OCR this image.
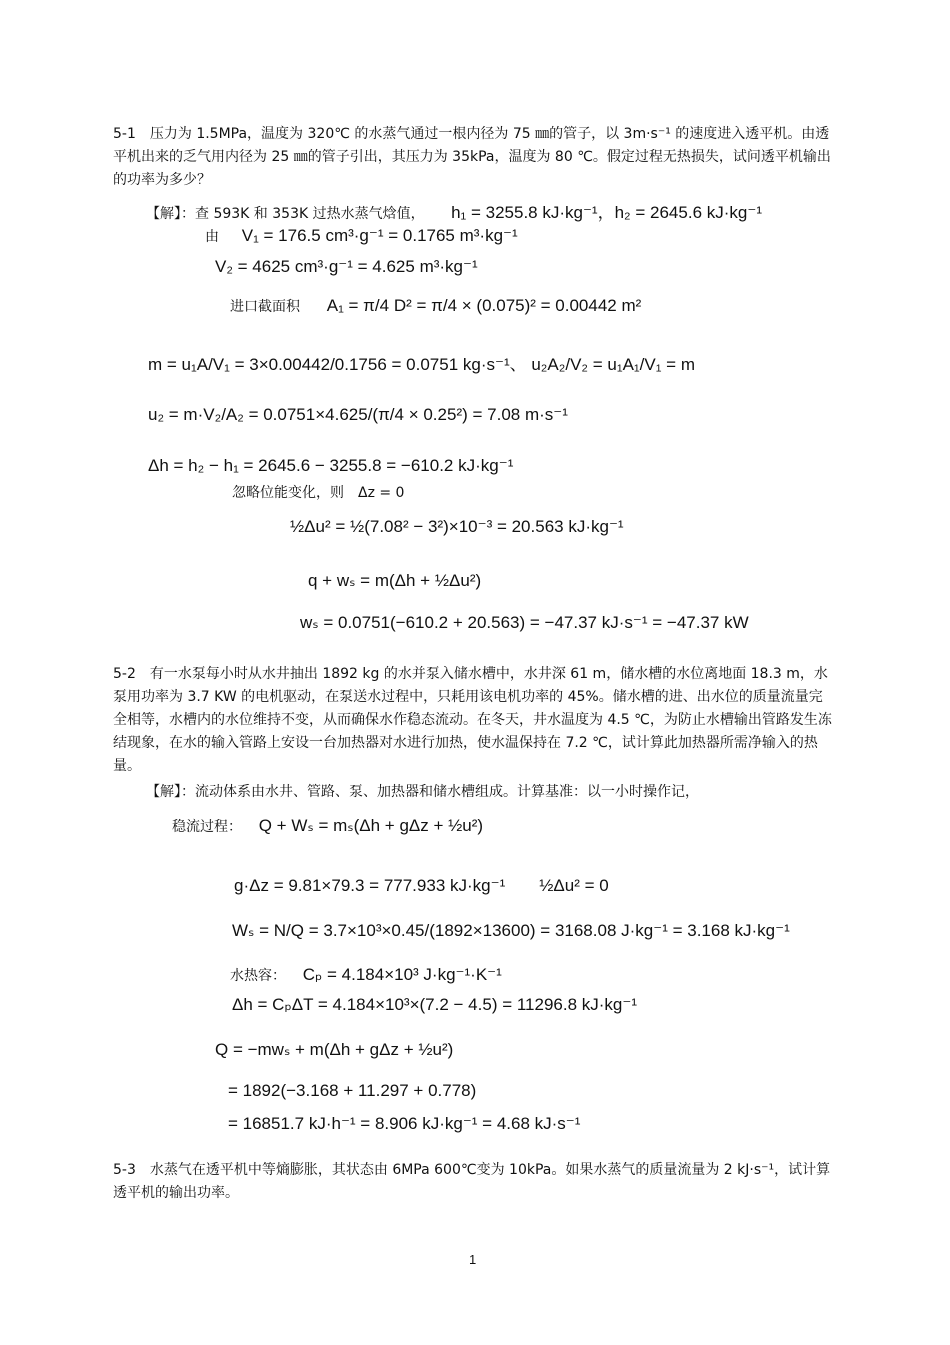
5-1　压力为 1.5MPa，温度为 320℃ 的水蒸气通过一根内径为 75 ㎜的管子，以 3m·s⁻¹ 的速度进入透平机。由透平机出来的乏气用内径为 25 ㎜的管子引出，其压力为 35kPa，温度为 80 ℃。假定过程无热损失，试问透平机输出的功率为多少？
【解】：查 593K 和 353K 过热水蒸气焓值， h₁ = 3255.8 kJ·kg⁻¹，h₂ = 2645.6 kJ·kg⁻¹
由 V₁ = 176.5 cm³·g⁻¹ = 0.1765 m³·kg⁻¹
V₂ = 4625 cm³·g⁻¹ = 4.625 m³·kg⁻¹
进口截面积 A₁ = π/4 D² = π/4 × (0.075)² = 0.00442 m²
m = u₁A/V₁ = 3×0.00442/0.1756 = 0.0751 kg·s⁻¹、 u₂A₂/V₂ = u₁A₁/V₁ = m
u₂ = m·V₂/A₂ = 0.0751×4.625/(π/4 × 0.25²) = 7.08 m·s⁻¹
Δh = h₂ − h₁ = 2645.6 − 3255.8 = −610.2 kJ·kg⁻¹
忽略位能变化，则　Δz = 0
½Δu² = ½(7.08² − 3²)×10⁻³ = 20.563 kJ·kg⁻¹
q + wₛ = m(Δh + ½Δu²)
wₛ = 0.0751(−610.2 + 20.563) = −47.37 kJ·s⁻¹ = −47.37 kW
5-2　有一水泵每小时从水井抽出 1892 kg 的水并泵入储水槽中，水井深 61 m，储水槽的水位离地面 18.3 m，水泵用功率为 3.7 KW 的电机驱动，在泵送水过程中，只耗用该电机功率的 45%。储水槽的进、出水位的质量流量完全相等，水槽内的水位维持不变，从而确保水作稳态流动。在冬天，井水温度为 4.5 ℃，为防止水槽输出管路发生冻结现象，在水的输入管路上安设一台加热器对水进行加热，使水温保持在 7.2 ℃，试计算此加热器所需净输入的热量。
【解】：流动体系由水井、管路、泵、加热器和储水槽组成。计算基准：以一小时操作记，
稳流过程： Q + Wₛ = mₛ(Δh + gΔz + ½u²)
g·Δz = 9.81×79.3 = 777.933 kJ·kg⁻¹　　½Δu² = 0
Wₛ = N/Q = 3.7×10³×0.45/(1892×13600) = 3168.08 J·kg⁻¹ = 3.168 kJ·kg⁻¹
水热容： Cₚ = 4.184×10³ J·kg⁻¹·K⁻¹
Δh = CₚΔT = 4.184×10³×(7.2 − 4.5) = 11296.8 kJ·kg⁻¹
Q = −mwₛ + m(Δh + gΔz + ½u²)
= 1892(−3.168 + 11.297 + 0.778)
= 16851.7 kJ·h⁻¹ = 8.906 kJ·kg⁻¹ = 4.68 kJ·s⁻¹
5-3　水蒸气在透平机中等熵膨胀，其状态由 6MPa 600℃变为 10kPa。如果水蒸气的质量流量为 2 kJ·s⁻¹，试计算透平机的输出功率。
1
